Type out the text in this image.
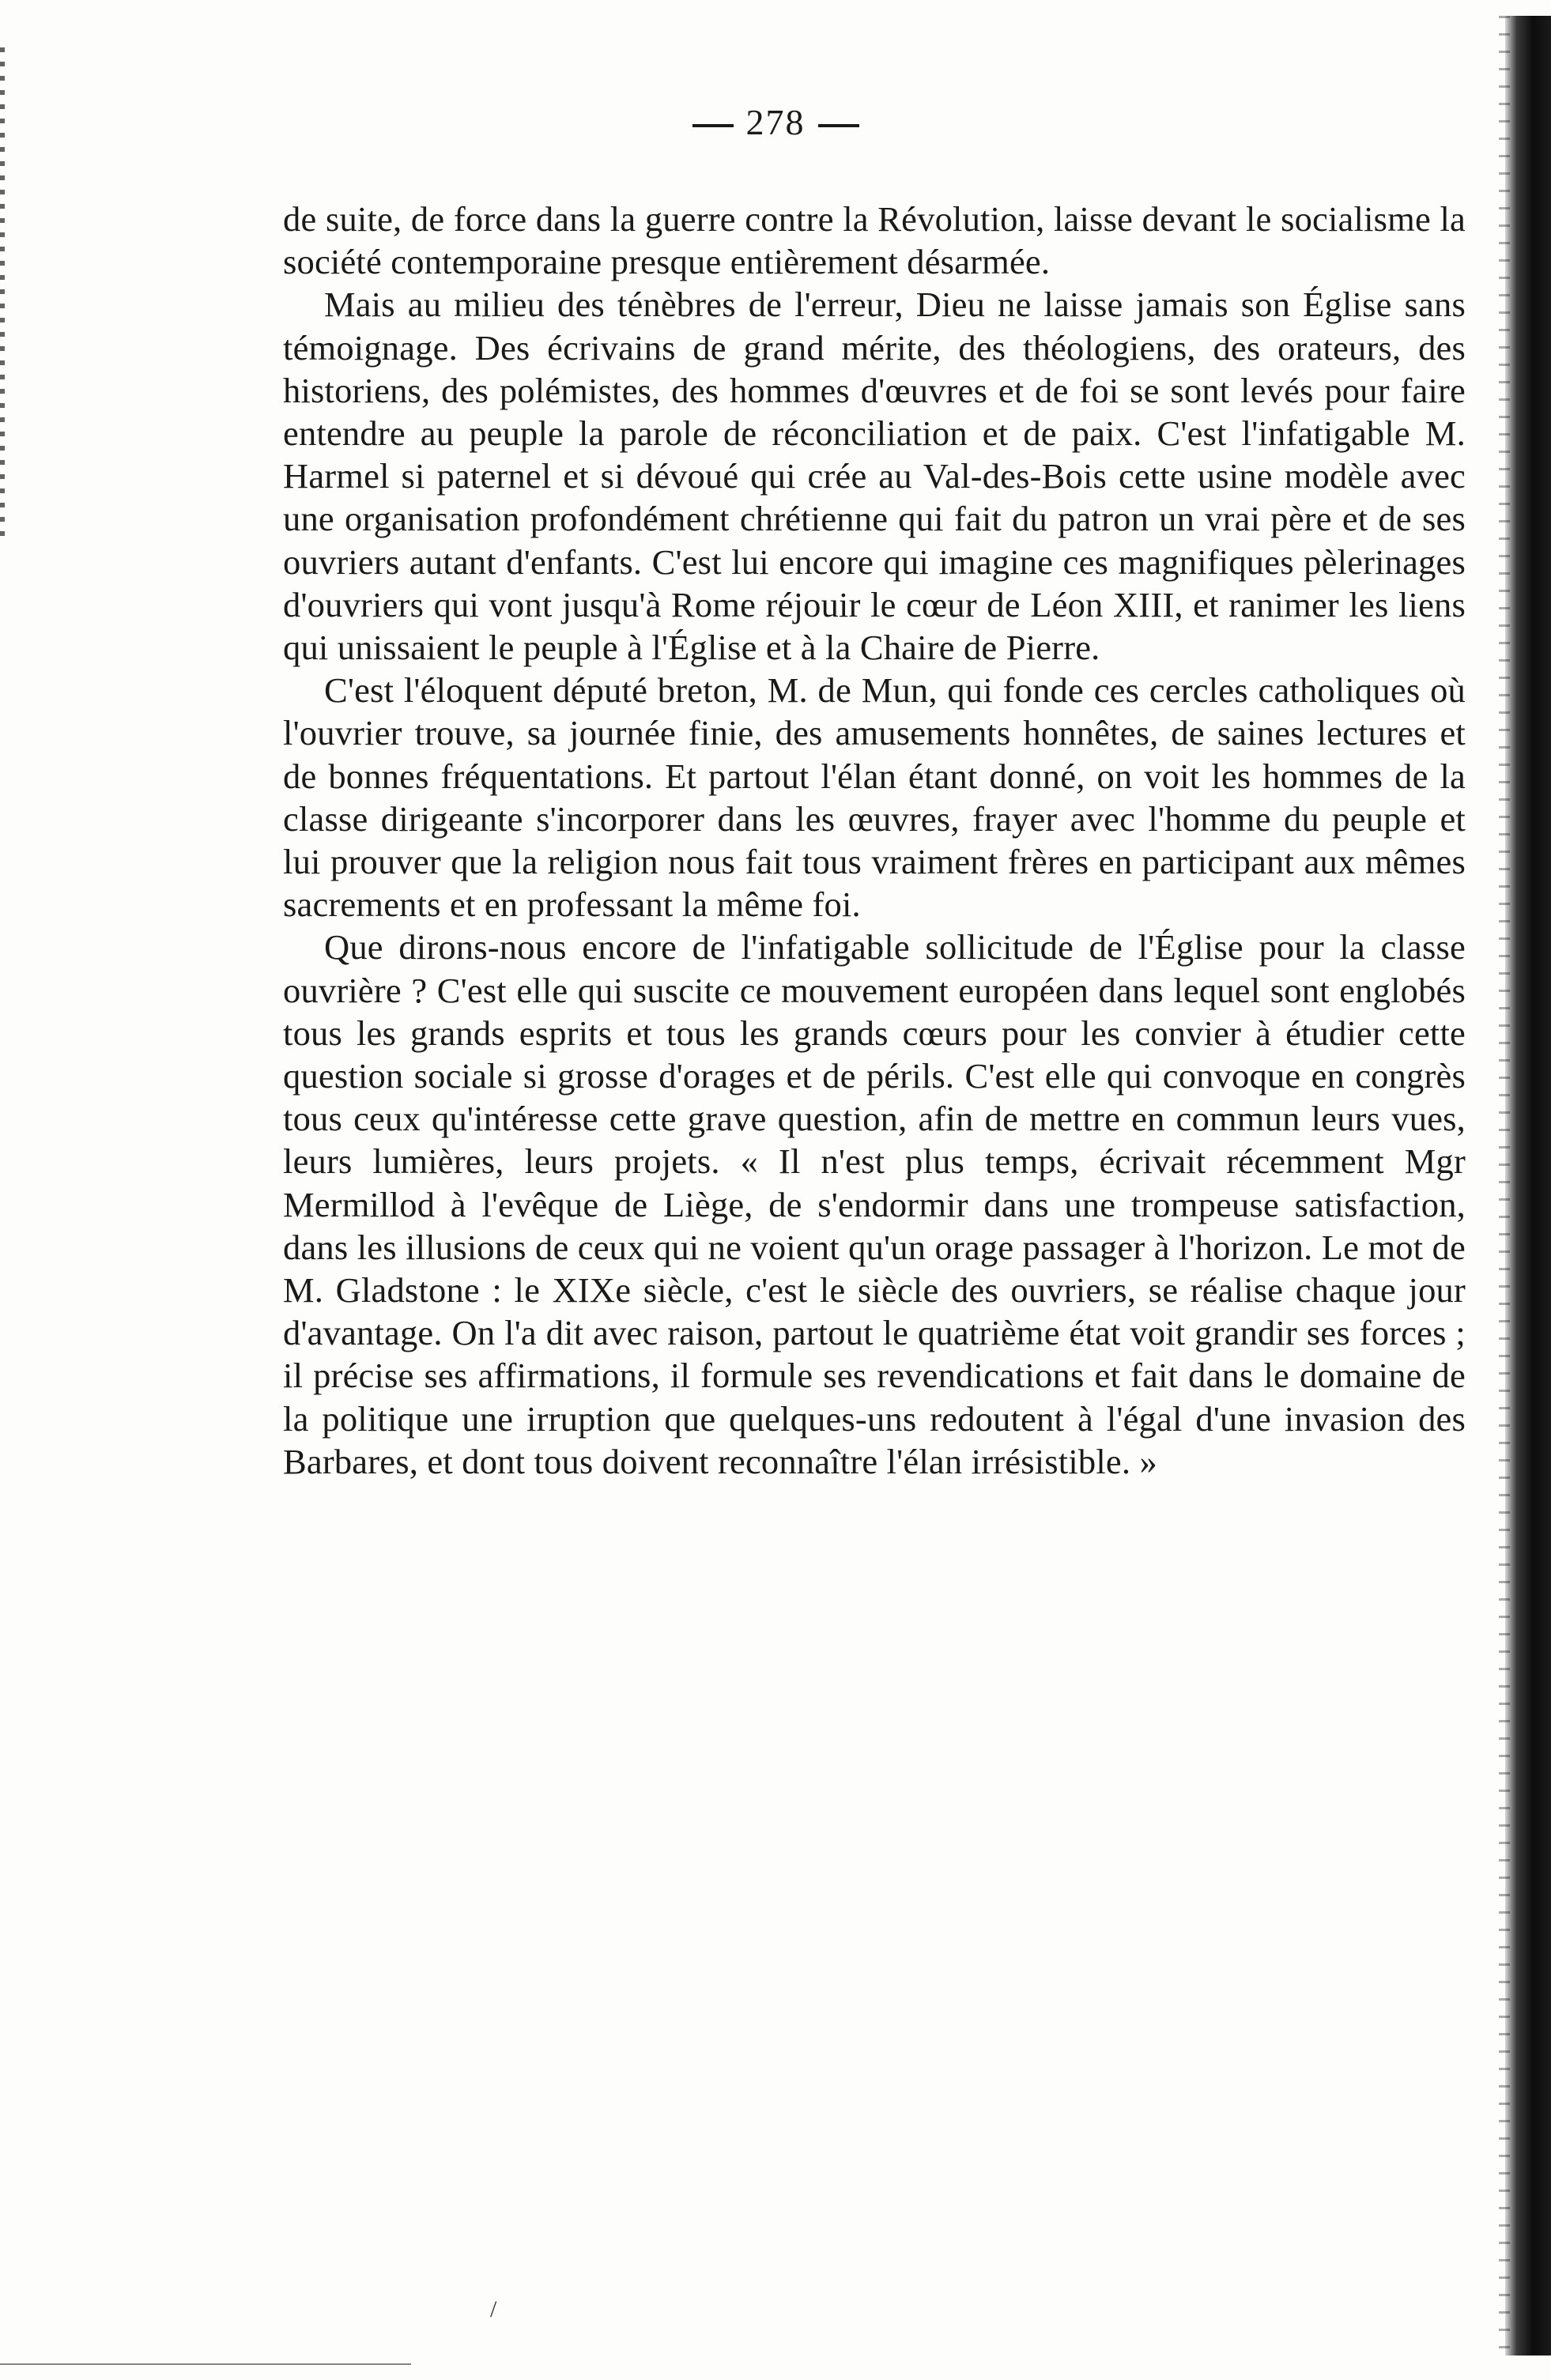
278

de suite, de force dans la guerre contre la Révolution, laisse devant le socialisme la société contemporaine presque entièrement désarmée.

Mais au milieu des ténèbres de l'erreur, Dieu ne laisse jamais son Église sans témoignage. Des écrivains de grand mérite, des théologiens, des orateurs, des historiens, des polémistes, des hommes d'œuvres et de foi se sont levés pour faire entendre au peuple la parole de réconciliation et de paix. C'est l'infatigable M. Harmel si paternel et si dévoué qui crée au Val-des-Bois cette usine modèle avec une organisation profondément chrétienne qui fait du patron un vrai père et de ses ouvriers autant d'enfants. C'est lui encore qui imagine ces magnifiques pèlerinages d'ouvriers qui vont jusqu'à Rome réjouir le cœur de Léon XIII, et ranimer les liens qui unissaient le peuple à l'Église et à la Chaire de Pierre.

C'est l'éloquent député breton, M. de Mun, qui fonde ces cercles catholiques où l'ouvrier trouve, sa journée finie, des amusements honnêtes, de saines lectures et de bonnes fréquentations. Et partout l'élan étant donné, on voit les hommes de la classe dirigeante s'incorporer dans les œuvres, frayer avec l'homme du peuple et lui prouver que la religion nous fait tous vraiment frères en participant aux mêmes sacrements et en professant la même foi.

Que dirons-nous encore de l'infatigable sollicitude de l'Église pour la classe ouvrière ? C'est elle qui suscite ce mouvement européen dans lequel sont englobés tous les grands esprits et tous les grands cœurs pour les convier à étudier cette question sociale si grosse d'orages et de périls. C'est elle qui convoque en congrès tous ceux qu'intéresse cette grave question, afin de mettre en commun leurs vues, leurs lumières, leurs projets. « Il n'est plus temps, écrivait récemment Mgr Mermillod à l'evêque de Liège, de s'endormir dans une trompeuse satisfaction, dans les illusions de ceux qui ne voient qu'un orage passager à l'horizon. Le mot de M. Gladstone : le XIXe siècle, c'est le siècle des ouvriers, se réalise chaque jour d'avantage. On l'a dit avec raison, partout le quatrième état voit grandir ses forces ; il précise ses affirmations, il formule ses revendications et fait dans le domaine de la politique une irruption que quelques-uns redoutent à l'égal d'une invasion des Barbares, et dont tous doivent reconnaître l'élan irrésistible. »

/
